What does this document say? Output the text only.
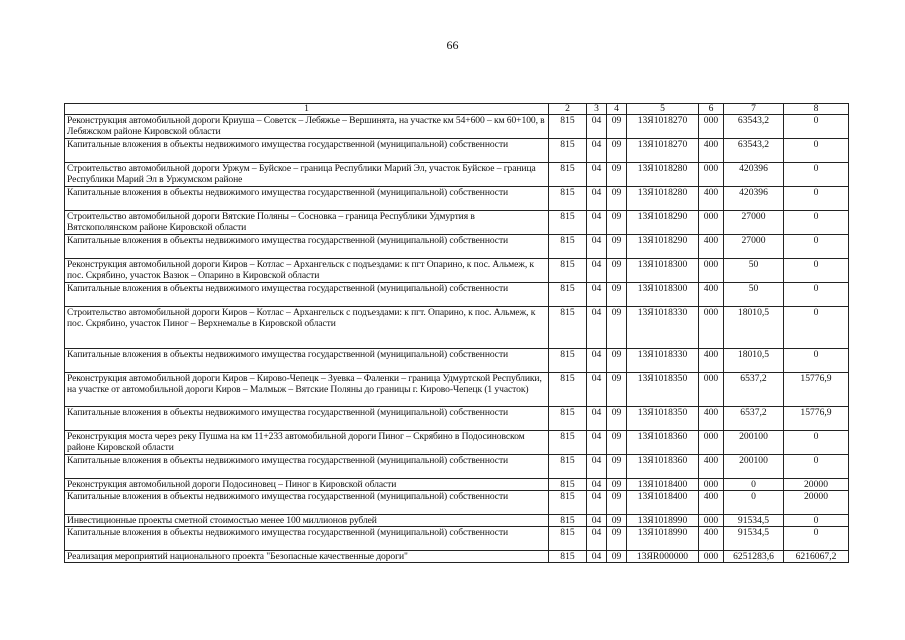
66
1	2	3	4	5	6	7	8
Реконструкция автомобильной дороги Криуша – Советск – Лебяжье – Вершинята, на участке км 54+600 – км 60+100, в Лебяжском районе Кировской области	815	04	09	13Я1018270	000	63543,2	0
Капитальные вложения в объекты недвижимого имущества государственной (муниципальной) собственности	815	04	09	13Я1018270	400	63543,2	0
Строительство автомобильной дороги Уржум – Буйское – граница Республики Марий Эл, участок Буйское – граница Республики Марий Эл в Уржумском районе	815	04	09	13Я1018280	000	420396	0
Капитальные вложения в объекты недвижимого имущества государственной (муниципальной) собственности	815	04	09	13Я1018280	400	420396	0
Строительство автомобильной дороги Вятские Поляны – Сосновка – граница Республики Удмуртия в Вятскополянском районе Кировской области	815	04	09	13Я1018290	000	27000	0
Капитальные вложения в объекты недвижимого имущества государственной (муниципальной) собственности	815	04	09	13Я1018290	400	27000	0
Реконструкция автомобильной дороги Киров – Котлас – Архангельск с подъездами: к пгт Опарино, к пос. Альмеж, к пос. Скрябино, участок Вазюк – Опарино в Кировской области	815	04	09	13Я1018300	000	50	0
Капитальные вложения в объекты недвижимого имущества государственной (муниципальной) собственности	815	04	09	13Я1018300	400	50	0
Строительство автомобильной дороги Киров – Котлас – Архангельск с подъездами: к пгт. Опарино, к пос. Альмеж, к пос. Скрябино, участок Пиног – Верхнемалье в Кировской области	815	04	09	13Я1018330	000	18010,5	0
Капитальные вложения в объекты недвижимого имущества государственной (муниципальной) собственности	815	04	09	13Я1018330	400	18010,5	0
Реконструкция автомобильной дороги Киров – Кирово-Чепецк – Зуевка – Фаленки – граница Удмуртской Республики, на участке от автомобильной дороги Киров – Малмыж – Вятские Поляны до границы г. Кирово-Чепецк (1 участок)	815	04	09	13Я1018350	000	6537,2	15776,9
Капитальные вложения в объекты недвижимого имущества государственной (муниципальной) собственности	815	04	09	13Я1018350	400	6537,2	15776,9
Реконструкция моста через реку Пушма на км 11+233 автомобильной дороги Пиног – Скрябино в Подосиновском районе Кировской области	815	04	09	13Я1018360	000	200100	0
Капитальные вложения в объекты недвижимого имущества государственной (муниципальной) собственности	815	04	09	13Я1018360	400	200100	0
Реконструкция автомобильной дороги Подосиновец – Пиног в Кировской области	815	04	09	13Я1018400	000	0	20000
Капитальные вложения в объекты недвижимого имущества государственной (муниципальной) собственности	815	04	09	13Я1018400	400	0	20000
Инвестиционные проекты сметной стоимостью менее 100 миллионов рублей	815	04	09	13Я1018990	000	91534,5	0
Капитальные вложения в объекты недвижимого имущества государственной (муниципальной) собственности	815	04	09	13Я1018990	400	91534,5	0
Реализация мероприятий национального проекта "Безопасные качественные дороги"	815	04	09	13ЯR000000	000	6251283,6	6216067,2
